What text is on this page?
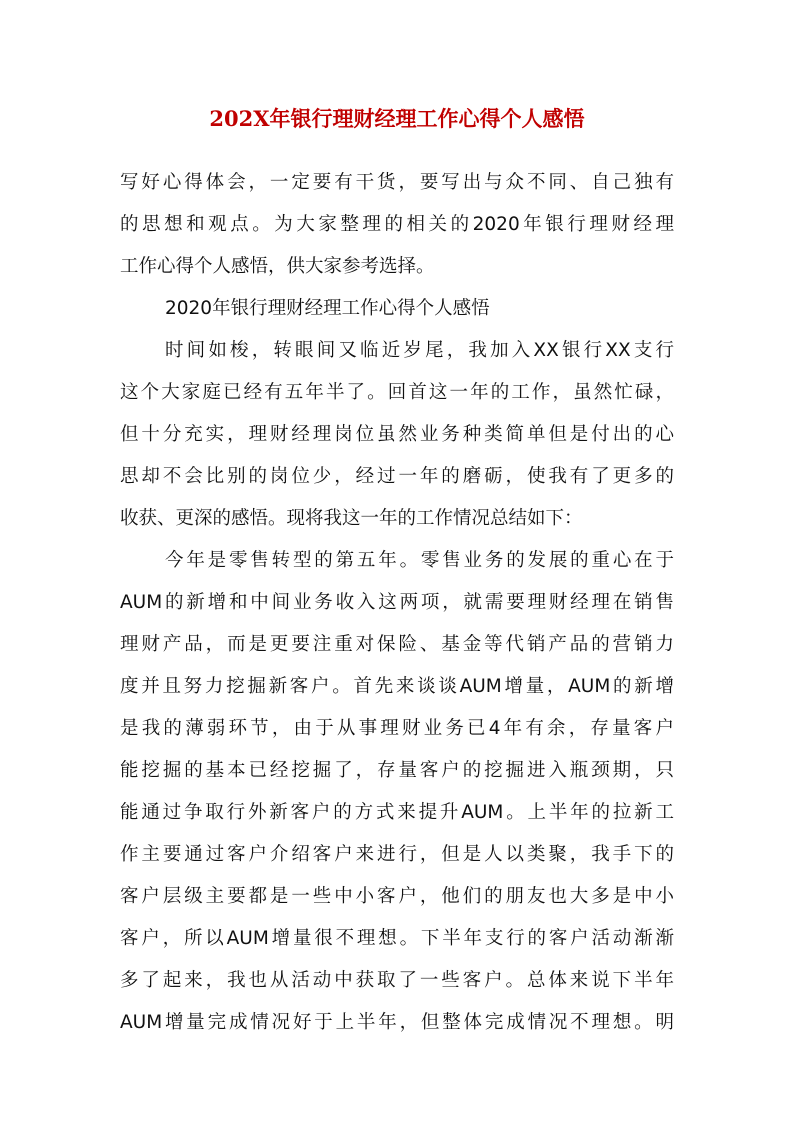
202X年银行理财经理工作心得个人感悟
写好心得体会，一定要有干货，要写出与众不同、自己独有
的思想和观点。为大家整理的相关的2020年银行理财经理
工作心得个人感悟，供大家参考选择。
2020年银行理财经理工作心得个人感悟
时间如梭，转眼间又临近岁尾，我加入XX银行XX支行
这个大家庭已经有五年半了。回首这一年的工作，虽然忙碌，
但十分充实，理财经理岗位虽然业务种类简单但是付出的心
思却不会比别的岗位少，经过一年的磨砺，使我有了更多的
收获、更深的感悟。现将我这一年的工作情况总结如下：
今年是零售转型的第五年。零售业务的发展的重心在于
AUM的新增和中间业务收入这两项，就需要理财经理在销售
理财产品，而是更要注重对保险、基金等代销产品的营销力
度并且努力挖掘新客户。首先来谈谈AUM增量，AUM的新增
是我的薄弱环节，由于从事理财业务已4年有余，存量客户
能挖掘的基本已经挖掘了，存量客户的挖掘进入瓶颈期，只
能通过争取行外新客户的方式来提升AUM。上半年的拉新工
作主要通过客户介绍客户来进行，但是人以类聚，我手下的
客户层级主要都是一些中小客户，他们的朋友也大多是中小
客户，所以AUM增量很不理想。下半年支行的客户活动渐渐
多了起来，我也从活动中获取了一些客户。总体来说下半年
AUM增量完成情况好于上半年，但整体完成情况不理想。明
